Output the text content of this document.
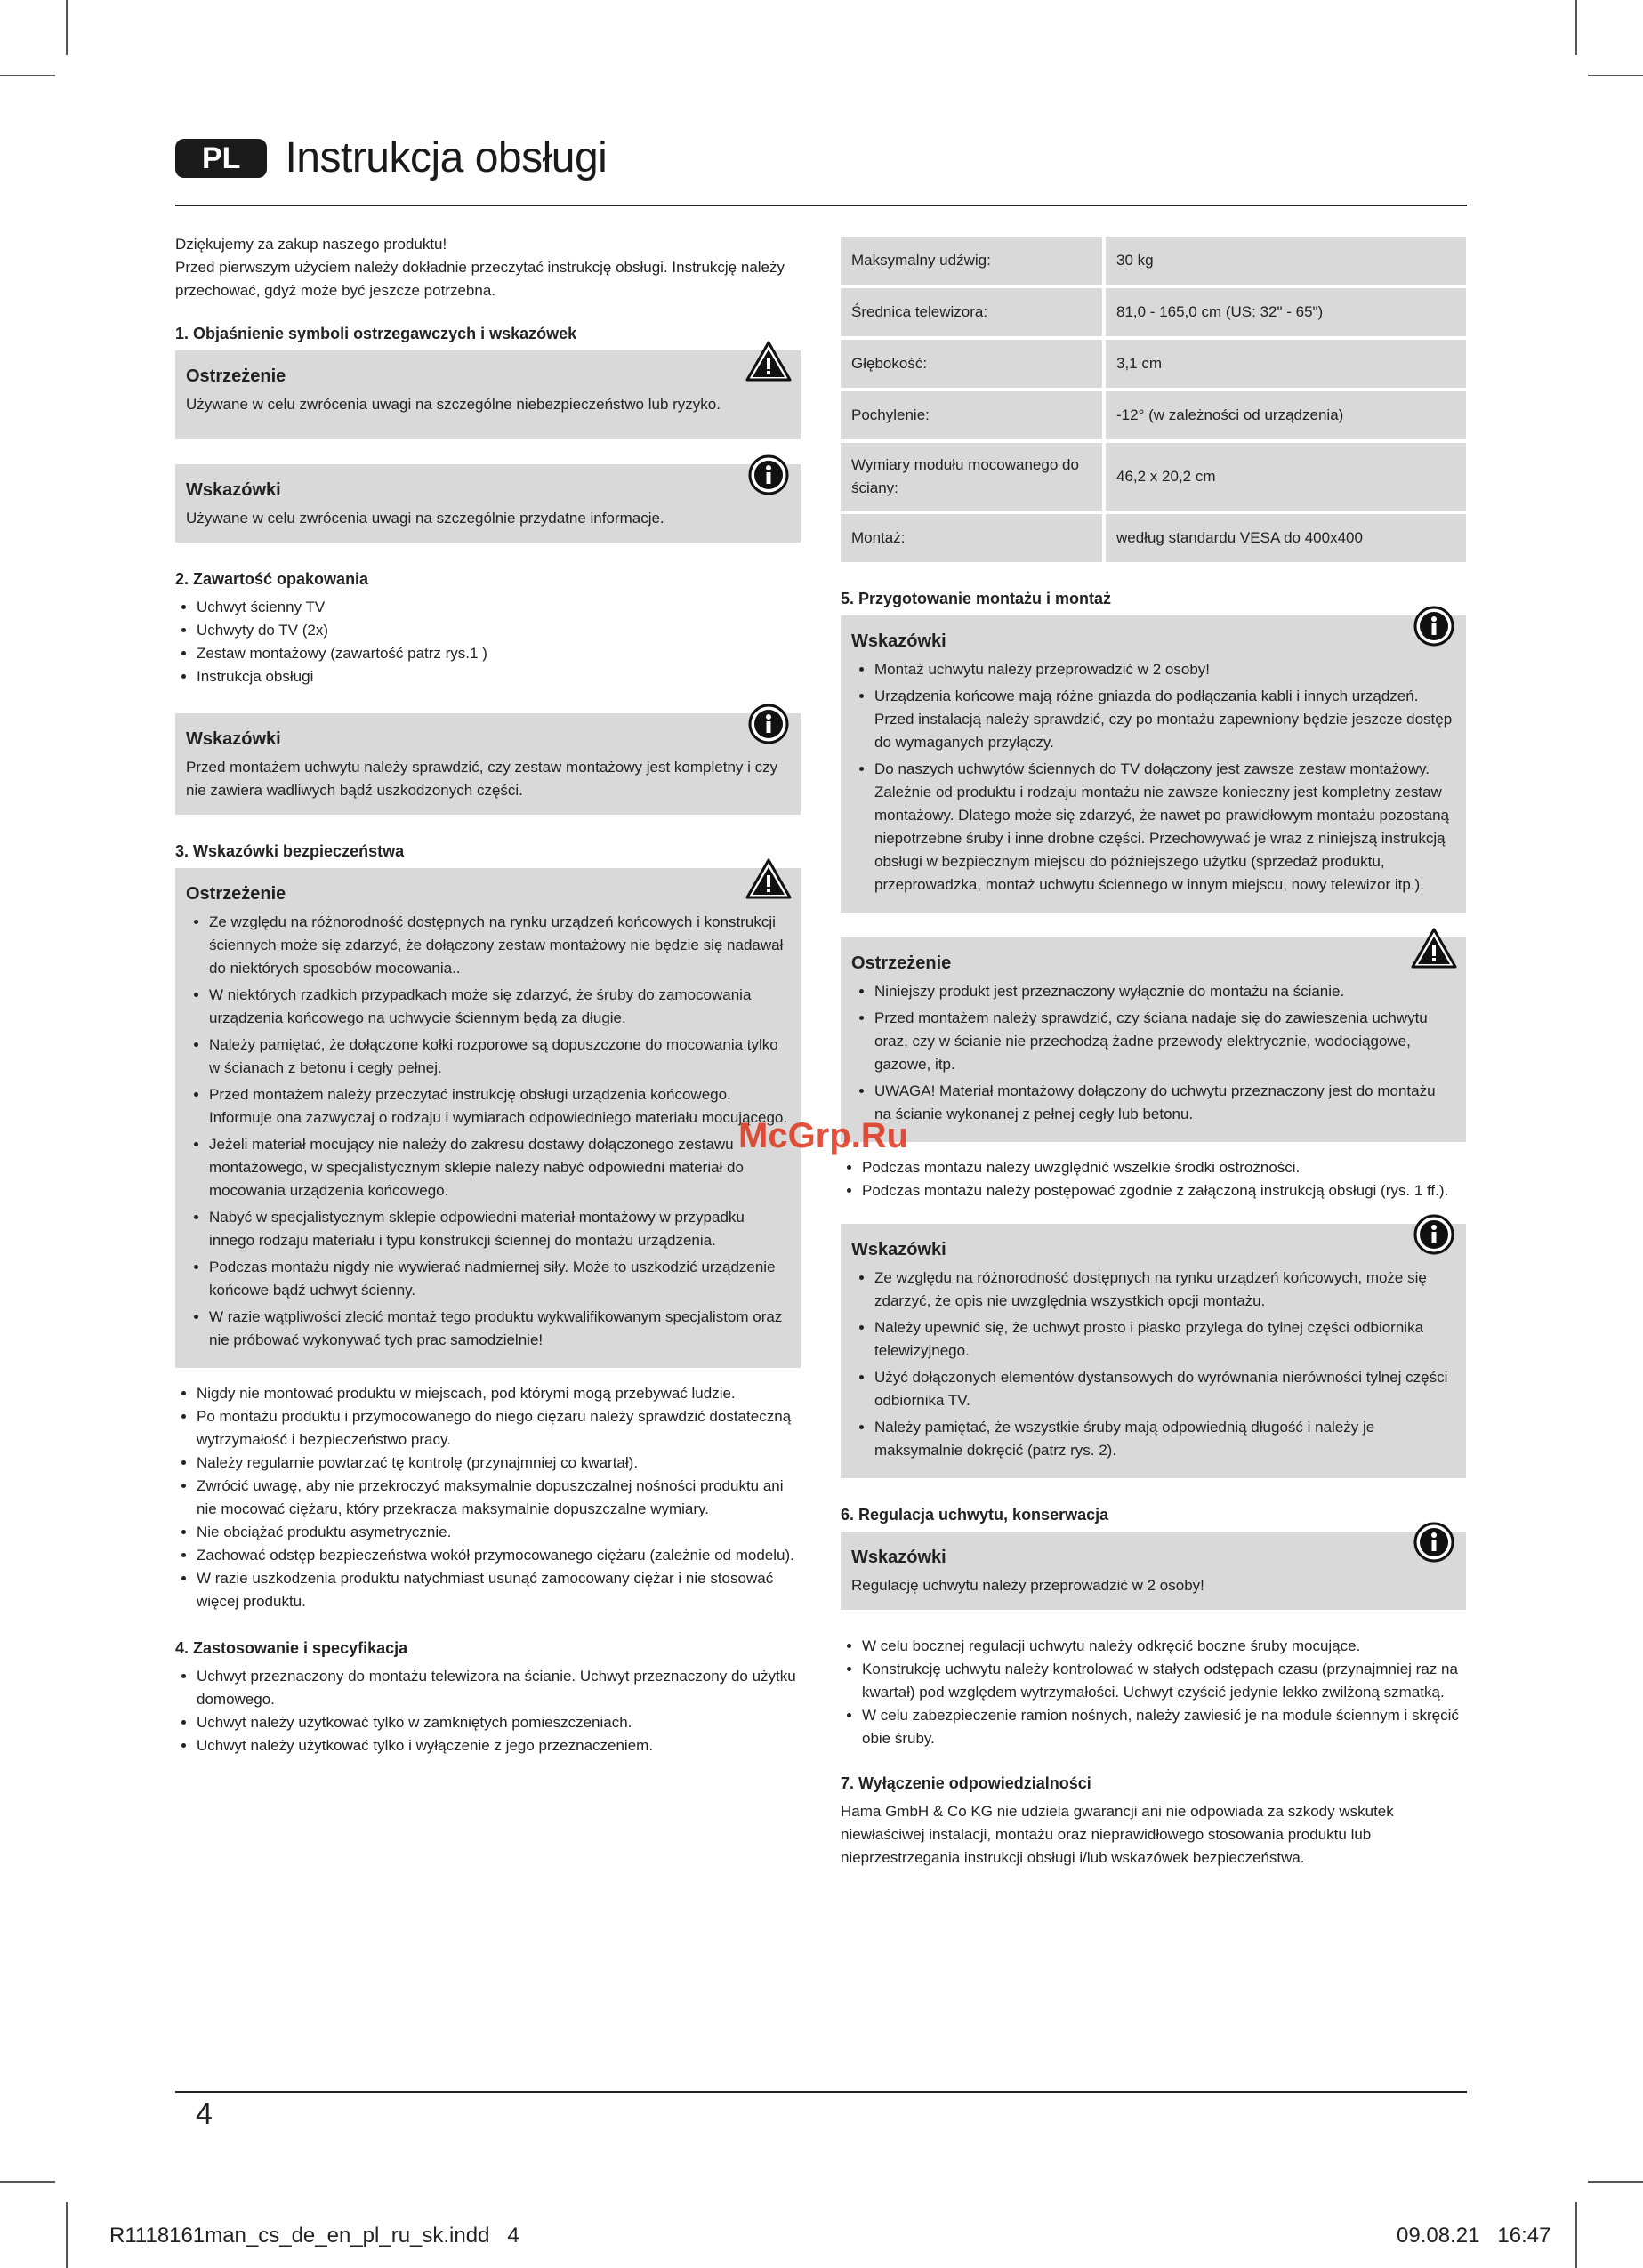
PL	Instrukcja obsługi

Dziękujemy za zakup naszego produktu!

Przed pierwszym użyciem należy dokładnie przeczytać instrukcję obsługi. Instrukcję należy przechować, gdyż może być jeszcze potrzebna.

1. Objaśnienie symboli ostrzegawczych i wskazówek

Ostrzeżenie

Używane w celu zwrócenia uwagi na szczególne niebezpieczeństwo lub ryzyko.

Wskazówki

Używane w celu zwrócenia uwagi na szczególnie przydatne informacje.

2. Zawartość opakowania

• Uchwyt ścienny TV
• Uchwyty do TV (2x)
• Zestaw montażowy (zawartość patrz rys.1 )
• Instrukcja obsługi
Wskazówki

Przed montażem uchwytu należy sprawdzić, czy zestaw montażowy jest kompletny i czy nie zawiera wadliwych bądź uszkodzonych części.

3. Wskazówki bezpieczeństwa

Ostrzeżenie
• Ze względu na różnorodność dostępnych na rynku urządzeń końcowych i konstrukcji ściennych może się zdarzyć, że dołączony zestaw montażowy nie będzie się nadawał do niektórych sposobów mocowania..
• W niektórych rzadkich przypadkach może się zdarzyć, że śruby do zamocowania urządzenia końcowego na uchwycie ściennym będą za długie.
• Należy pamiętać, że dołączone kołki rozporowe są dopuszczone do mocowania tylko w ścianach z betonu i cegły pełnej.
• Przed montażem należy przeczytać instrukcję obsługi urządzenia końcowego. Informuje ona zazwyczaj o rodzaju i wymiarach odpowiedniego materiału mocującego.
• Jeżeli materiał mocujący nie należy do zakresu dostawy dołączonego zestawu montażowego, w specjalistycznym sklepie należy nabyć odpowiedni materiał do mocowania urządzenia końcowego.
• Nabyć w specjalistycznym sklepie odpowiedni materiał montażowy w przypadku innego rodzaju materiału i typu konstrukcji ściennej do montażu urządzenia.
• Podczas montażu nigdy nie wywierać nadmiernej siły. Może to uszkodzić urządzenie końcowe bądź uchwyt ścienny.
• W razie wątpliwości zlecić montaż tego produktu wykwalifikowanym specjalistom oraz nie próbować wykonywać tych prac samodzielnie!
• Nigdy nie montować produktu w miejscach, pod którymi mogą przebywać ludzie.
• Po montażu produktu i przymocowanego do niego ciężaru należy sprawdzić dostateczną wytrzymałość i bezpieczeństwo pracy.
• Należy regularnie powtarzać tę kontrolę (przynajmniej co kwartał).
• Zwrócić uwagę, aby nie przekroczyć maksymalnie dopuszczalnej nośności produktu ani nie mocować ciężaru, który przekracza maksymalnie dopuszczalne wymiary.
• Nie obciążać produktu asymetrycznie.
• Zachować odstęp bezpieczeństwa wokół przymocowanego ciężaru (zależnie od modelu).
• W razie uszkodzenia produktu natychmiast usunąć zamocowany ciężar i nie stosować więcej produktu.

4. Zastosowanie i specyfikacja

• Uchwyt przeznaczony do montażu telewizora na ścianie. Uchwyt przeznaczony do użytku domowego.
• Uchwyt należy użytkować tylko w zamkniętych pomieszczeniach.
• Uchwyt należy użytkować tylko i wyłączenie z jego przeznaczeniem.
Maksymalny udźwig:	30 kg
Średnica telewizora:	81,0 - 165,0 cm (US: 32" - 65")
Głębokość:	3,1 cm
Pochylenie:	-12° (w zależności od urządzenia)
Wymiary modułu mocowanego do ściany:	46,2 x 20,2 cm
Montaż:	według standardu VESA do 400x400

5. Przygotowanie montażu i montaż

Wskazówki
• Montaż uchwytu należy przeprowadzić w 2 osoby!
• Urządzenia końcowe mają różne gniazda do podłączania kabli i innych urządzeń. Przed instalacją należy sprawdzić, czy po montażu zapewniony będzie jeszcze dostęp do wymaganych przyłączy.
• Do naszych uchwytów ściennych do TV dołączony jest zawsze zestaw montażowy. Zależnie od produktu i rodzaju montażu nie zawsze konieczny jest kompletny zestaw montażowy. Dlatego może się zdarzyć, że nawet po prawidłowym montażu pozostaną niepotrzebne śruby i inne drobne części. Przechowywać je wraz z niniejszą instrukcją obsługi w bezpiecznym miejscu do późniejszego użytku (sprzedaż produktu, przeprowadzka, montaż uchwytu ściennego w innym miejscu, nowy telewizor itp.).
Ostrzeżenie
• Niniejszy produkt jest przeznaczony wyłącznie do montażu na ścianie.
• Przed montażem należy sprawdzić, czy ściana nadaje się do zawieszenia uchwytu oraz, czy w ścianie nie przechodzą żadne przewody elektrycznie, wodociągowe, gazowe, itp.
• UWAGA! Materiał montażowy dołączony do uchwytu przeznaczony jest do montażu na ścianie wykonanej z pełnej cegły lub betonu.
• Podczas montażu należy uwzględnić wszelkie środki ostrożności.
• Podczas montażu należy postępować zgodnie z załączoną instrukcją obsługi (rys. 1 ff.).
Wskazówki
• Ze względu na różnorodność dostępnych na rynku urządzeń końcowych, może się zdarzyć, że opis nie uwzględnia wszystkich opcji montażu.
• Należy upewnić się, że uchwyt prosto i płasko przylega do tylnej części odbiornika telewizyjnego.
• Użyć dołączonych elementów dystansowych do wyrównania nierówności tylnej części odbiornika TV.
• Należy pamiętać, że wszystkie śruby mają odpowiednią długość i należy je maksymalnie dokręcić (patrz rys. 2).

6. Regulacja uchwytu, konserwacja

Wskazówki

Regulację uchwytu należy przeprowadzić w 2 osoby!

• W celu bocznej regulacji uchwytu należy odkręcić boczne śruby mocujące.
• Konstrukcję uchwytu należy kontrolować w stałych odstępach czasu (przynajmniej raz na kwartał) pod względem wytrzymałości. Uchwyt czyścić jedynie lekko zwilżoną szmatką.
• W celu zabezpieczenie ramion nośnych, należy zawiesić je na module ściennym i skręcić obie śruby.

7. Wyłączenie odpowiedzialności

Hama GmbH & Co KG nie udziela gwarancji ani nie odpowiada za szkody wskutek niewłaściwej instalacji, montażu oraz nieprawidłowego stosowania produktu lub nieprzestrzegania instrukcji obsługi i/lub wskazówek bezpieczeństwa.

McGrp.Ru
4
R1118161man_cs_de_en_pl_ru_sk.indd   4	09.08.21   16:47
